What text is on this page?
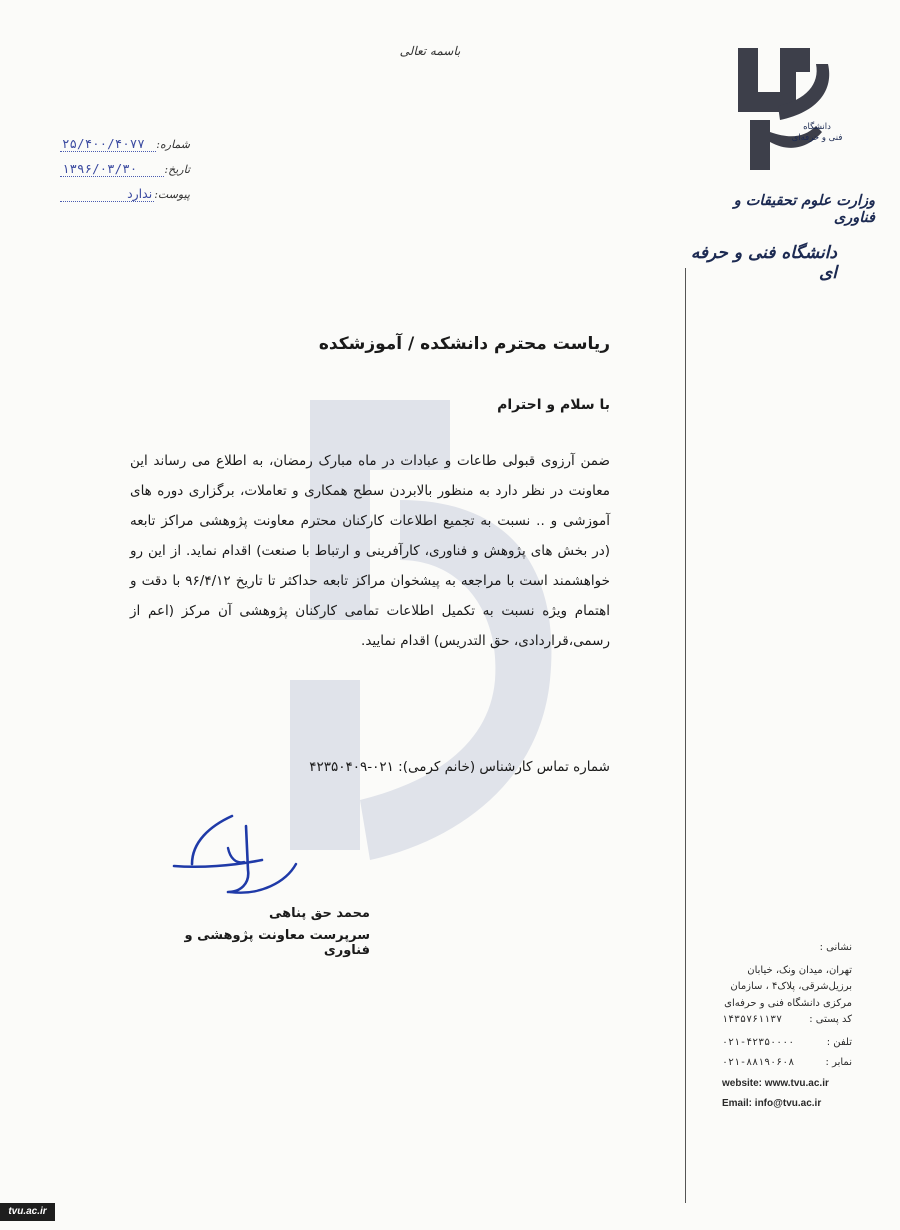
باسمه تعالی
شماره:
۲۵/۴۰۰/۴۰۷۷
تاریخ:
۱۳۹۶/۰۳/۳۰
پیوست:
ندارد
دانشگاه
فنی و حرفه‌ای
وزارت علوم تحقیقات و فناوری
دانشگاه فنی و حرفه ای
ریاست محترم دانشکده / آموزشکده
با سلام و احترام
ضمن آرزوی قبولی طاعات و عبادات در ماه مبارک رمضان، به اطلاع می رساند این معاونت در نظر دارد به منظور بالابردن سطح همکاری و تعاملات، برگزاری دوره های آموزشی و .. نسبت به تجمیع اطلاعات کارکنان محترم معاونت پژوهشی مراکز تابعه (در بخش های پژوهش و فناوری، کارآفرینی و ارتباط با صنعت) اقدام نماید. از این رو خواهشمند است با مراجعه به پیشخوان مراکز تابعه حداکثر تا تاریخ ۹۶/۴/۱۲ با دقت و اهتمام ویژه نسبت به تکمیل اطلاعات تمامی کارکنان پژوهشی آن مرکز (اعم از رسمی،قراردادی، حق التدریس) اقدام نمایید.
شماره تماس کارشناس (خانم کرمی): ۰۲۱-۴۲۳۵۰۴۰۹
محمد حق پناهی
سرپرست معاونت پژوهشی و فناوری	نشانی :
تهران، میدان ونک، خیابان
برزیل‌شرقی، پلاک۴ ، سازمان
مرکزی دانشگاه فنی و حرفه‌ای
کد پستی :
۱۴۳۵۷۶۱۱۳۷
تلفن :
۰۲۱-۴۲۳۵۰۰۰۰
نمابر :
۰۲۱-۸۸۱۹۰۶۰۸
website: www.tvu.ac.ir
Email: info@tvu.ac.ir
tvu.ac.ir
